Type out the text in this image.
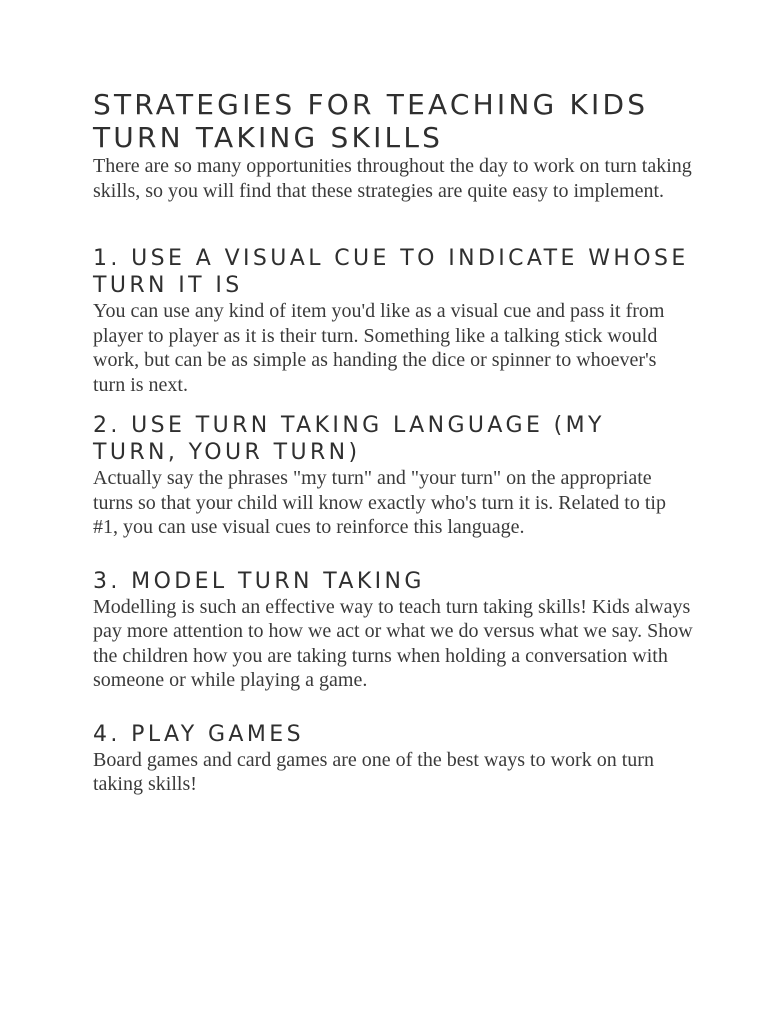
STRATEGIES FOR TEACHING KIDS TURN TAKING SKILLS

There are so many opportunities throughout the day to work on turn taking skills, so you will find that these strategies are quite easy to implement.

1. USE A VISUAL CUE TO INDICATE WHOSE TURN IT IS

You can use any kind of item you'd like as a visual cue and pass it from player to player as it is their turn. Something like a talking stick would work, but can be as simple as handing the dice or spinner to whoever's turn is next.

2. USE TURN TAKING LANGUAGE (MY TURN, YOUR TURN)

Actually say the phrases "my turn" and "your turn" on the appropriate turns so that your child will know exactly who's turn it is. Related to tip #1, you can use visual cues to reinforce this language.

3. MODEL TURN TAKING

Modelling is such an effective way to teach turn taking skills! Kids always pay more attention to how we act or what we do versus what we say. Show the children how you are taking turns when holding a conversation with someone or while playing a game.

4. PLAY GAMES

Board games and card games are one of the best ways to work on turn taking skills!
